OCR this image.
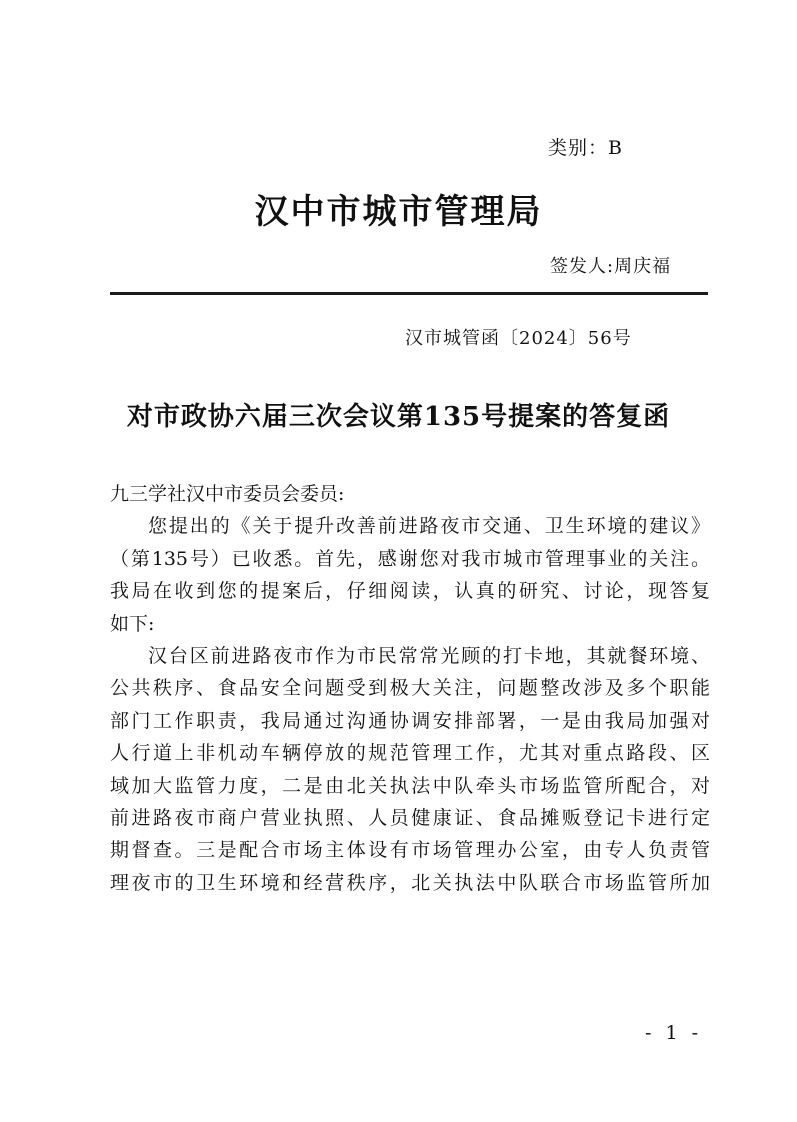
类别：B
汉中市城市管理局
签发人:周庆福
汉市城管函〔2024〕56号
对市政协六届三次会议第135号提案的答复函
九三学社汉中市委员会委员:
您提出的《关于提升改善前进路夜市交通、卫生环境的建议》
（第135号）已收悉。首先，感谢您对我市城市管理事业的关注。
我局在收到您的提案后，仔细阅读，认真的研究、讨论，现答复
如下:
汉台区前进路夜市作为市民常常光顾的打卡地，其就餐环境、
公共秩序、食品安全问题受到极大关注，问题整改涉及多个职能
部门工作职责，我局通过沟通协调安排部署，一是由我局加强对
人行道上非机动车辆停放的规范管理工作，尤其对重点路段、区
域加大监管力度，二是由北关执法中队牵头市场监管所配合，对
前进路夜市商户营业执照、人员健康证、食品摊贩登记卡进行定
期督查。三是配合市场主体设有市场管理办公室，由专人负责管
理夜市的卫生环境和经营秩序，北关执法中队联合市场监管所加
- 1 -
